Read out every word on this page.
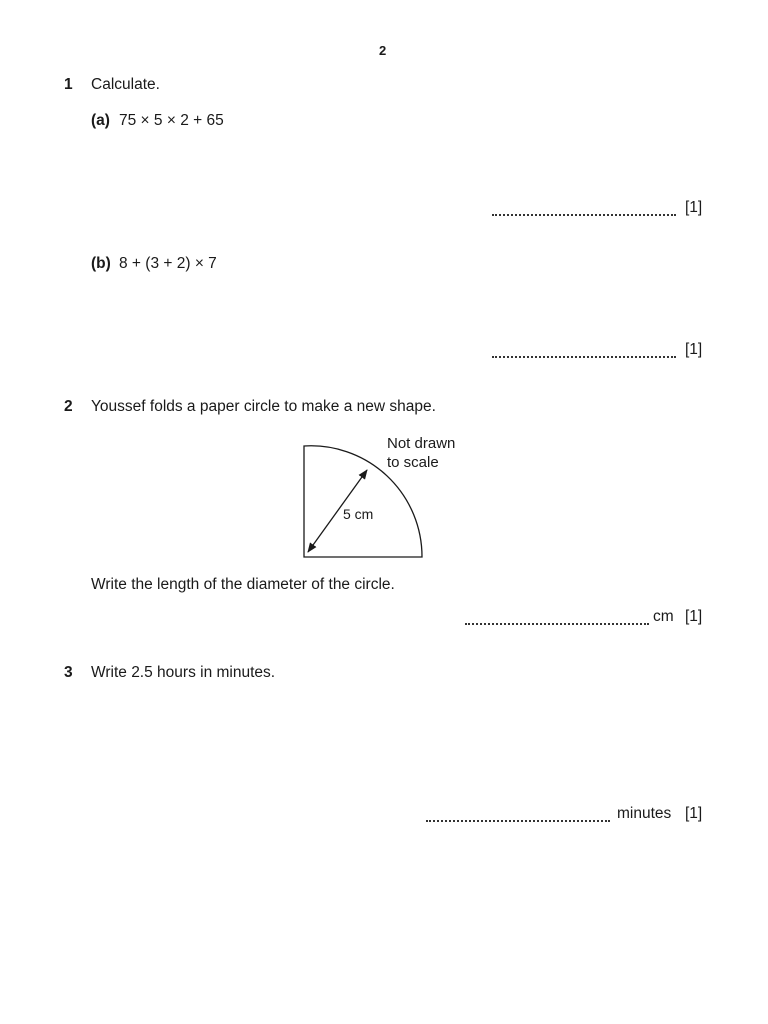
2
1 Calculate.
(a) 75 × 5 × 2 + 65
[1]
(b) 8 + (3 + 2) × 7
[1]
2 Youssef folds a paper circle to make a new shape.
5 cm
Not drawn
to scale
Write the length of the diameter of the circle.
cm [1]
3 Write 2.5 hours in minutes.
minutes [1]
